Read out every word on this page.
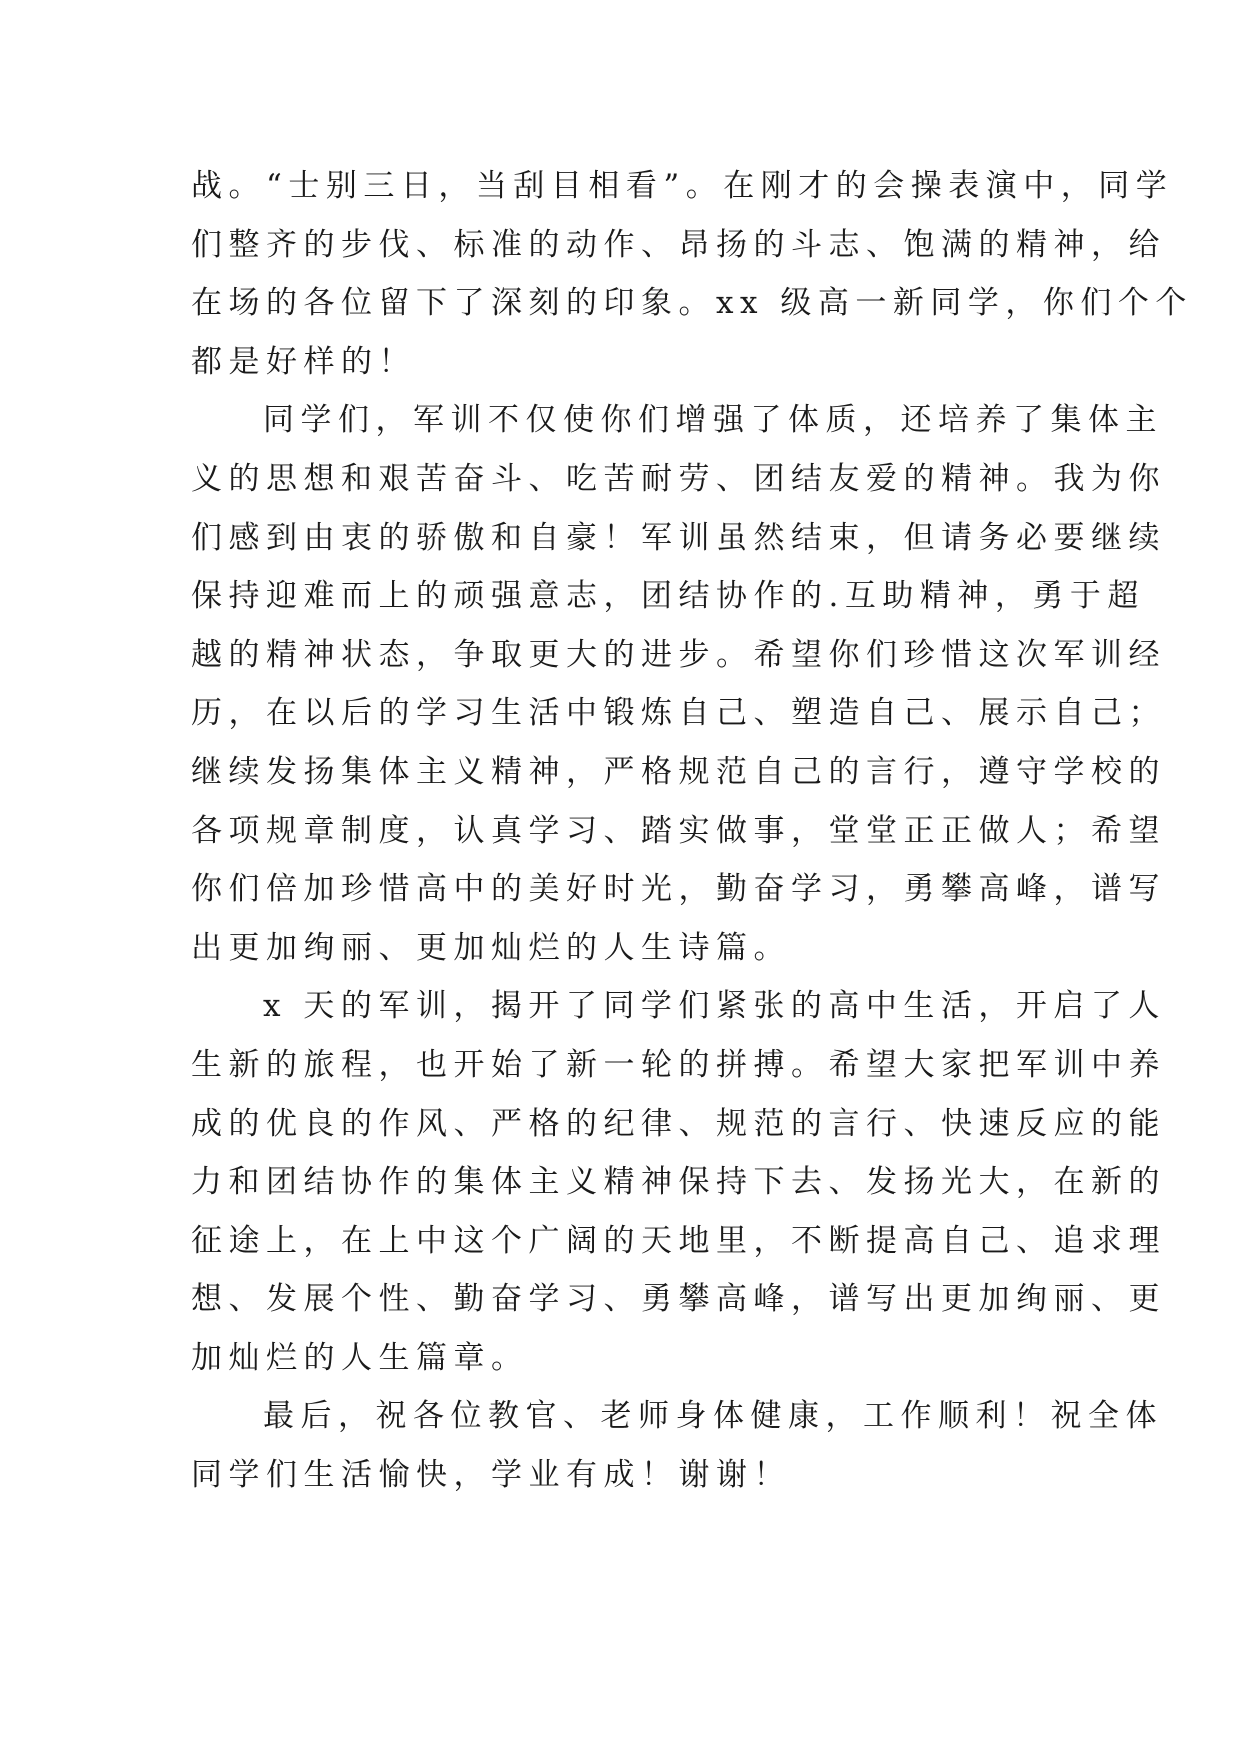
战。“士别三日，当刮目相看”。在刚才的会操表演中，同学
们整齐的步伐、标准的动作、昂扬的斗志、饱满的精神，给
在场的各位留下了深刻的印象。xx 级高一新同学，你们个个
都是好样的！
同学们，军训不仅使你们增强了体质，还培养了集体主
义的思想和艰苦奋斗、吃苦耐劳、团结友爱的精神。我为你
们感到由衷的骄傲和自豪！军训虽然结束，但请务必要继续
保持迎难而上的顽强意志，团结协作的.互助精神，勇于超
越的精神状态，争取更大的进步。希望你们珍惜这次军训经
历，在以后的学习生活中锻炼自己、塑造自己、展示自己；
继续发扬集体主义精神，严格规范自己的言行，遵守学校的
各项规章制度，认真学习、踏实做事，堂堂正正做人；希望
你们倍加珍惜高中的美好时光，勤奋学习，勇攀高峰，谱写
出更加绚丽、更加灿烂的人生诗篇。
x 天的军训，揭开了同学们紧张的高中生活，开启了人
生新的旅程，也开始了新一轮的拼搏。希望大家把军训中养
成的优良的作风、严格的纪律、规范的言行、快速反应的能
力和团结协作的集体主义精神保持下去、发扬光大，在新的
征途上，在上中这个广阔的天地里，不断提高自己、追求理
想、发展个性、勤奋学习、勇攀高峰，谱写出更加绚丽、更
加灿烂的人生篇章。
最后，祝各位教官、老师身体健康，工作顺利！祝全体
同学们生活愉快，学业有成！谢谢！
